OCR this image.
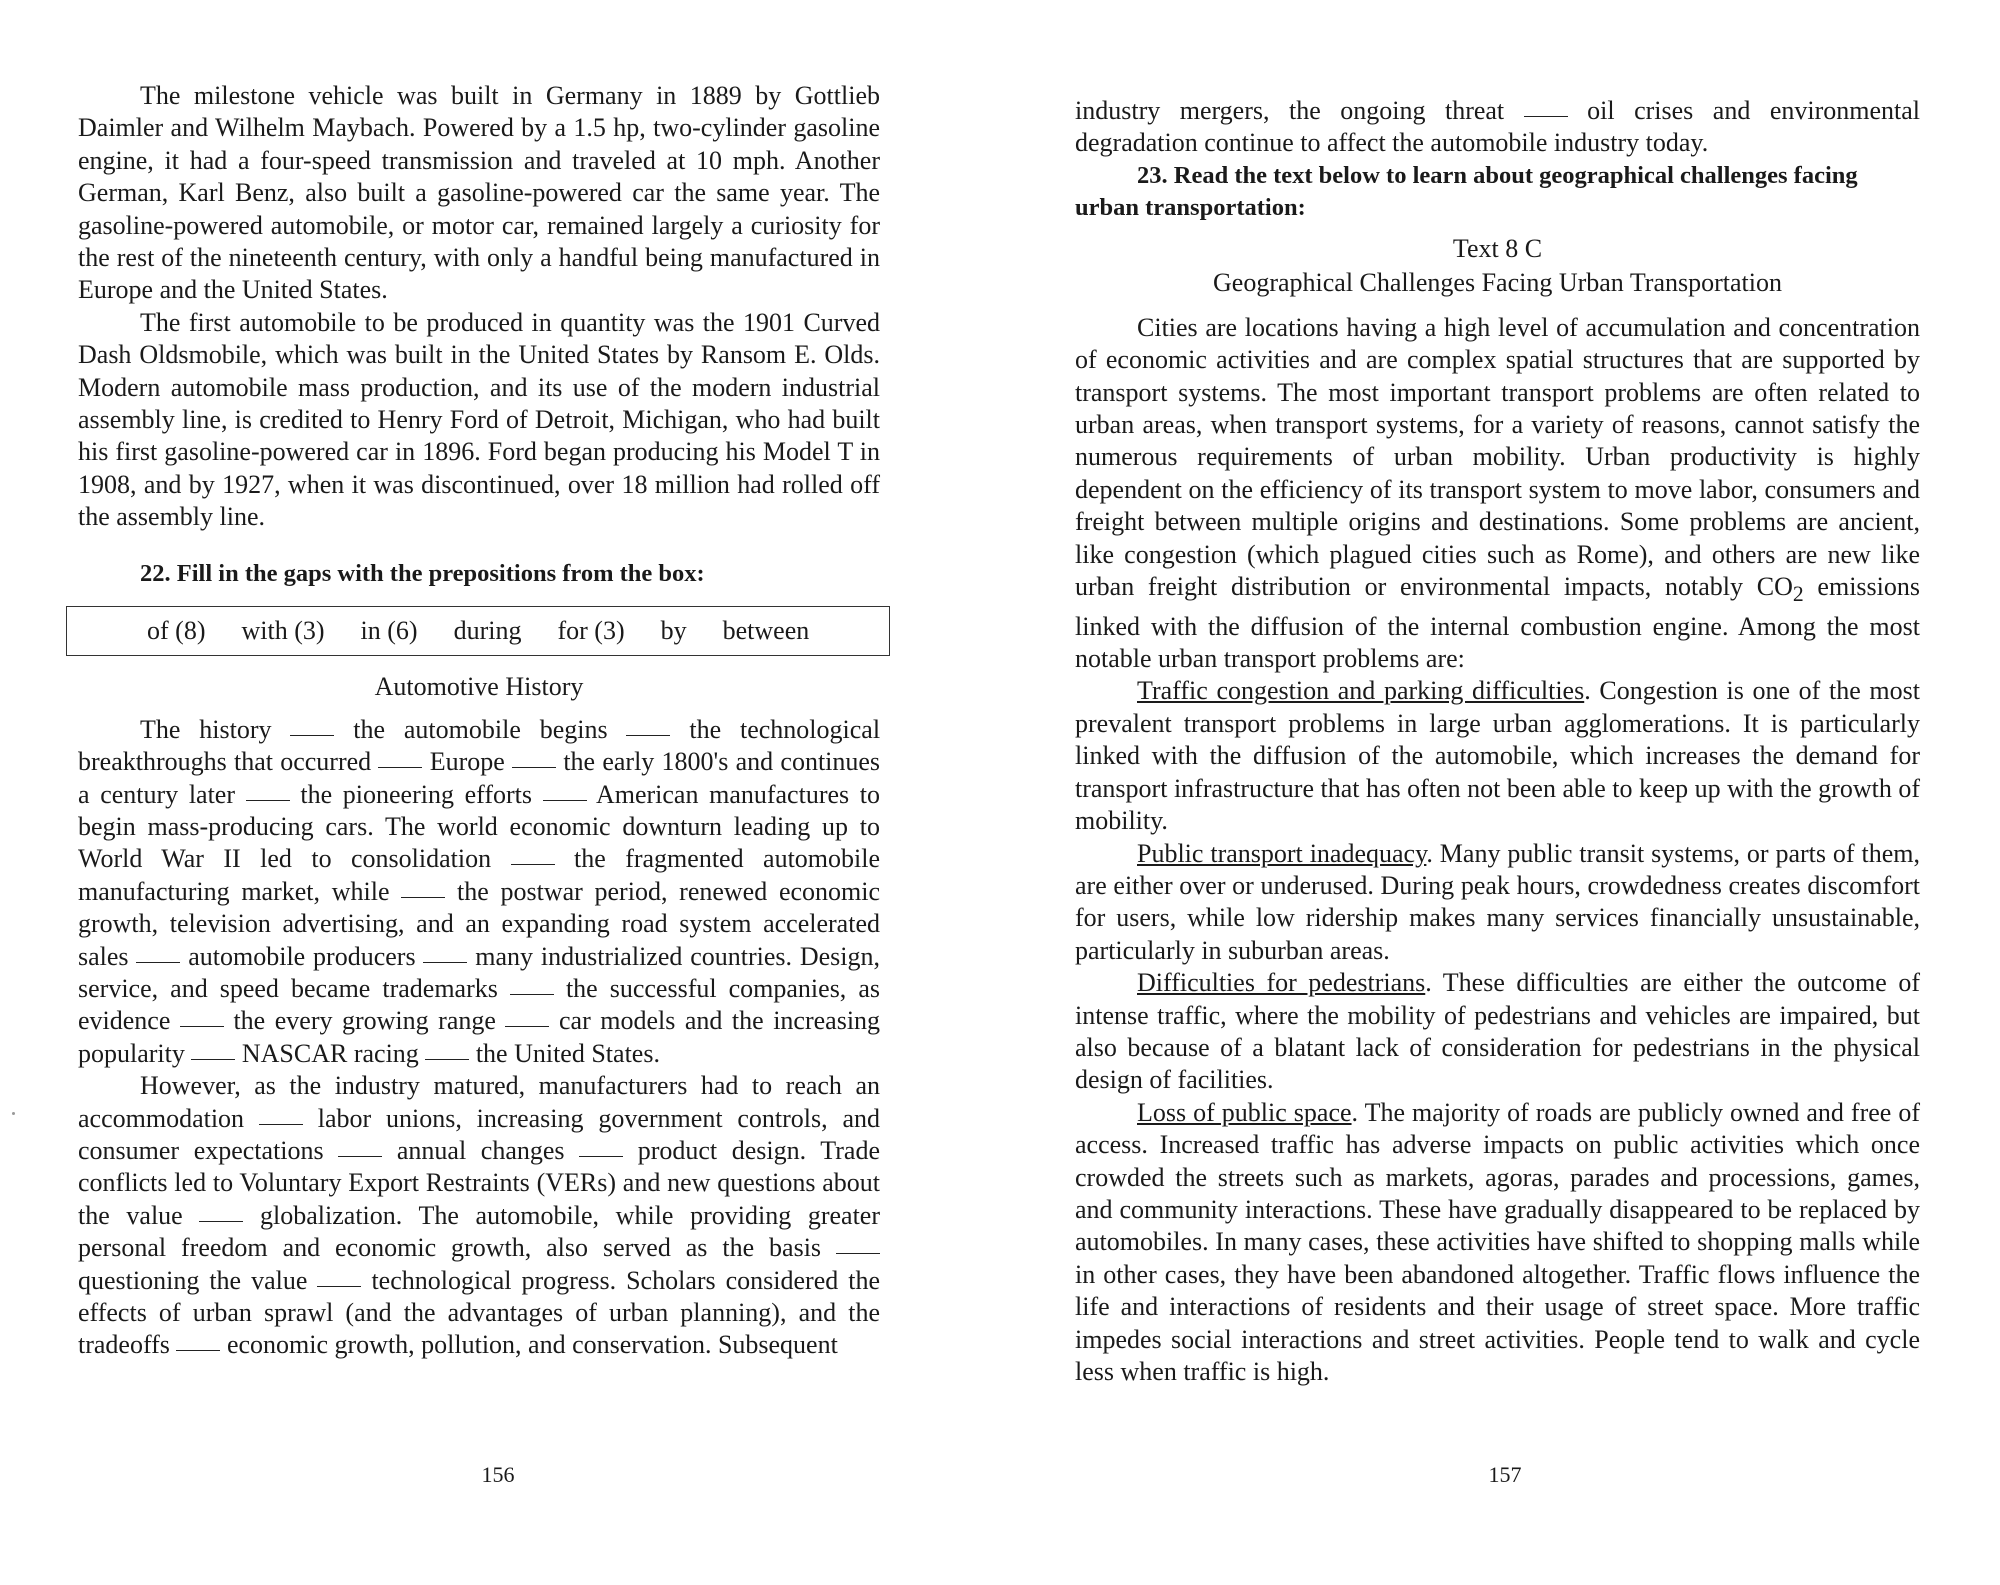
The milestone vehicle was built in Germany in 1889 by Gottlieb Daimler and Wilhelm Maybach. Powered by a 1.5 hp, two-cylinder gasoline engine, it had a four-speed transmission and traveled at 10 mph. Another German, Karl Benz, also built a gasoline-powered car the same year. The gasoline-powered automobile, or motor car, remained largely a curiosity for the rest of the nineteenth century, with only a handful being manufactured in Europe and the United States.

The first automobile to be produced in quantity was the 1901 Curved Dash Oldsmobile, which was built in the United States by Ransom E. Olds. Modern automobile mass production, and its use of the modern industrial assembly line, is credited to Henry Ford of Detroit, Michigan, who had built his first gasoline-powered car in 1896. Ford began producing his Model T in 1908, and by 1927, when it was discontinued, over 18 million had rolled off the assembly line.

22. Fill in the gaps with the prepositions from the box:
of (8) with (3) in (6) during for (3) by between
Automotive History

The history	the automobile begins	the technological breakthroughs that occurred Europe the early 1800's and continues a century later	the pioneering efforts American manufactures to begin mass-producing cars. The world economic downturn leading up to World War II led to consolidation	the fragmented automobile manufacturing market, while	the postwar period, renewed economic growth, television advertising, and an expanding road system accelerated sales automobile producers many industrialized countries. Design, service, and speed became trademarks	the successful companies, as evidence the every growing range car models and the increasing popularity NASCAR racing the United States.

However, as the industry matured, manufacturers had to reach an accommodation	labor unions, increasing government controls, and consumer expectations	annual changes	product design. Trade conflicts led to Voluntary Export Restraints (VERs) and new questions about the value	globalization. The automobile, while providing greater personal freedom and economic growth, also served as the basis  questioning the value technological progress. Scholars considered the effects of urban sprawl (and the advantages of urban planning), and the tradeoffs economic growth, pollution, and conservation. Subsequent

156

industry mergers, the ongoing threat	oil crises and environmental degradation continue to affect the automobile industry today.

23. Read the text below to learn about geographical challenges facing urban transportation:
Text 8 C
Geographical Challenges Facing Urban Transportation

Cities are locations having a high level of accumulation and concentration of economic activities and are complex spatial structures that are supported by transport systems. The most important transport problems are often related to urban areas, when transport systems, for a variety of reasons, cannot satisfy the numerous requirements of urban mobility. Urban productivity is highly dependent on the efficiency of its transport system to move labor, consumers and freight between multiple origins and destinations. Some problems are ancient, like congestion (which plagued cities such as Rome), and others are new like urban freight distribution or environmental impacts, notably $CO_2$ emissions linked with the diffusion of the internal combustion engine. Among the most notable urban transport problems are:

Traffic congestion and parking difficulties. Congestion is one of the most prevalent transport problems in large urban agglomerations. It is particularly linked with the diffusion of the automobile, which increases the demand for transport infrastructure that has often not been able to keep up with the growth of mobility.

Public transport inadequacy. Many public transit systems, or parts of them, are either over or underused. During peak hours, crowdedness creates discomfort for users, while low ridership makes many services financially unsustainable, particularly in suburban areas.

Difficulties for pedestrians. These difficulties are either the outcome of intense traffic, where the mobility of pedestrians and vehicles are impaired, but also because of a blatant lack of consideration for pedestrians in the physical design of facilities.

Loss of public space. The majority of roads are publicly owned and free of access. Increased traffic has adverse impacts on public activities which once crowded the streets such as markets, agoras, parades and processions, games, and community interactions. These have gradually disappeared to be replaced by automobiles. In many cases, these activities have shifted to shopping malls while in other cases, they have been abandoned altogether. Traffic flows influence the life and interactions of residents and their usage of street space. More traffic impedes social interactions and street activities. People tend to walk and cycle less when traffic is high.

157
